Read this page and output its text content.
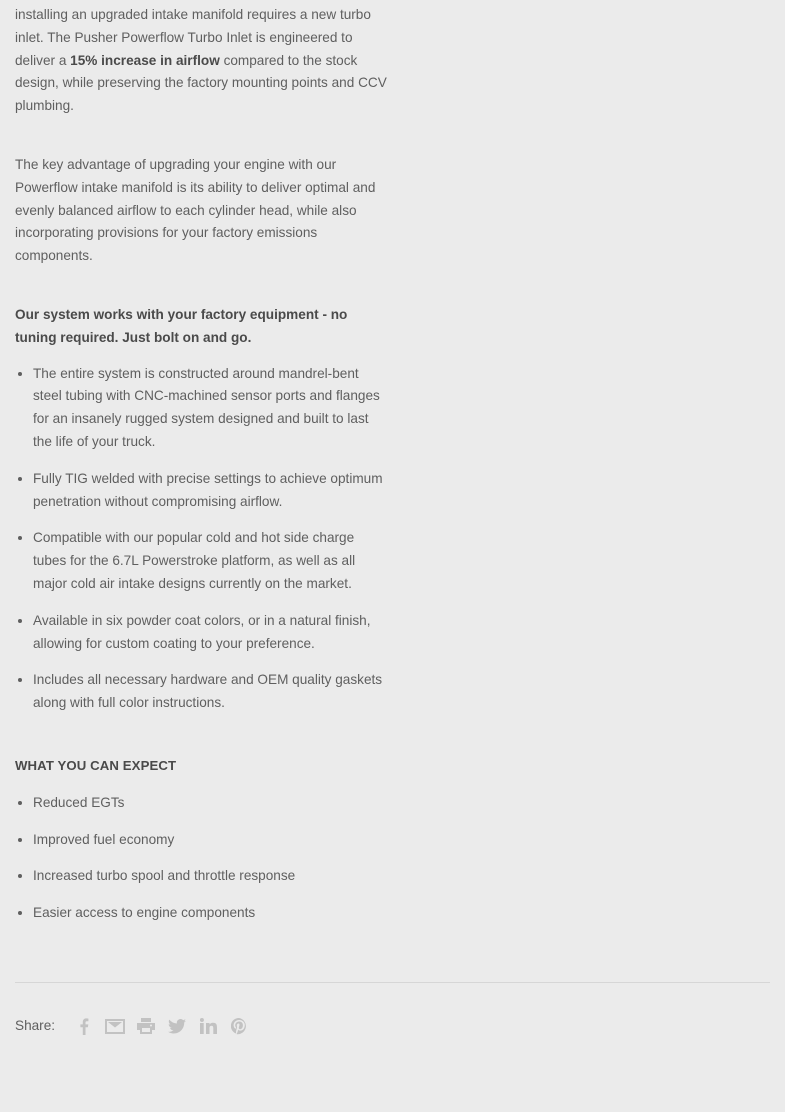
installing an upgraded intake manifold requires a new turbo inlet. The Pusher Powerflow Turbo Inlet is engineered to deliver a 15% increase in airflow compared to the stock design, while preserving the factory mounting points and CCV plumbing.

The key advantage of upgrading your engine with our Powerflow intake manifold is its ability to deliver optimal and evenly balanced airflow to each cylinder head, while also incorporating provisions for your factory emissions components.

Our system works with your factory equipment - no tuning required. Just bolt on and go.

• The entire system is constructed around mandrel-bent steel tubing with CNC-machined sensor ports and flanges for an insanely rugged system designed and built to last the life of your truck.
• Fully TIG welded with precise settings to achieve optimum penetration without compromising airflow.
• Compatible with our popular cold and hot side charge tubes for the 6.7L Powerstroke platform, as well as all major cold air intake designs currently on the market.
• Available in six powder coat colors, or in a natural finish, allowing for custom coating to your preference.
• Includes all necessary hardware and OEM quality gaskets along with full color instructions.

WHAT YOU CAN EXPECT

• Reduced EGTs
• Improved fuel economy
• Increased turbo spool and throttle response
• Easier access to engine components
Share:
